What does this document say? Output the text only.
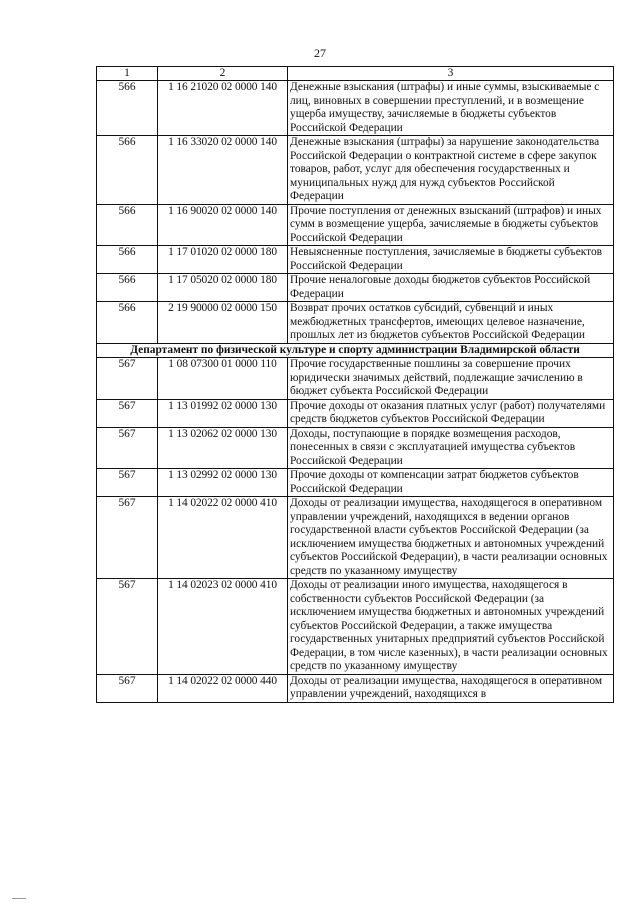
27
1	2	3
566	1 16 21020 02 0000 140	Денежные взыскания (штрафы) и иные суммы, взыскиваемые с лиц, виновных в совершении преступлений, и в возмещение ущерба имуществу, зачисляемые в бюджеты субъектов Российской Федерации
566	1 16 33020 02 0000 140	Денежные взыскания (штрафы) за нарушение законодательства Российской Федерации о контрактной системе в сфере закупок товаров, работ, услуг для обеспечения государственных и муниципальных нужд для нужд субъектов Российской Федерации
566	1 16 90020 02 0000 140	Прочие поступления от денежных взысканий (штрафов) и иных сумм в возмещение ущерба, зачисляемые в бюджеты субъектов Российской Федерации
566	1 17 01020 02 0000 180	Невыясненные поступления, зачисляемые в бюджеты субъектов Российской Федерации
566	1 17 05020 02 0000 180	Прочие неналоговые доходы бюджетов субъектов Российской Федерации
566	2 19 90000 02 0000 150	Возврат прочих остатков субсидий, субвенций и иных межбюджетных трансфертов, имеющих целевое назначение, прошлых лет из бюджетов субъектов Российской Федерации
Департамент по физической культуре и спорту администрации Владимирской области		
567	1 08 07300 01 0000 110	Прочие государственные пошлины за совершение прочих юридически значимых действий, подлежащие зачислению в бюджет субъекта Российской Федерации
567	1 13 01992 02 0000 130	Прочие доходы от оказания платных услуг (работ) получателями средств бюджетов субъектов Российской Федерации
567	1 13 02062 02 0000 130	Доходы, поступающие в порядке возмещения расходов, понесенных в связи с эксплуатацией имущества субъектов Российской Федерации
567	1 13 02992 02 0000 130	Прочие доходы от компенсации затрат бюджетов субъектов Российской Федерации
567	1 14 02022 02 0000 410	Доходы от реализации имущества, находящегося в оперативном управлении учреждений, находящихся в ведении органов государственной власти субъектов Российской Федерации (за исключением имущества бюджетных и автономных учреждений субъектов Российской Федерации), в части реализации основных средств по указанному имуществу
567	1 14 02023 02 0000 410	Доходы от реализации иного имущества, находящегося в собственности субъектов Российской Федерации (за исключением имущества бюджетных и автономных учреждений субъектов Российской Федерации, а также имущества государственных унитарных предприятий субъектов Российской Федерации, в том числе казенных), в части реализации основных средств по указанному имуществу
567	1 14 02022 02 0000 440	Доходы от реализации имущества, находящегося в оперативном управлении учреждений, находящихся в
